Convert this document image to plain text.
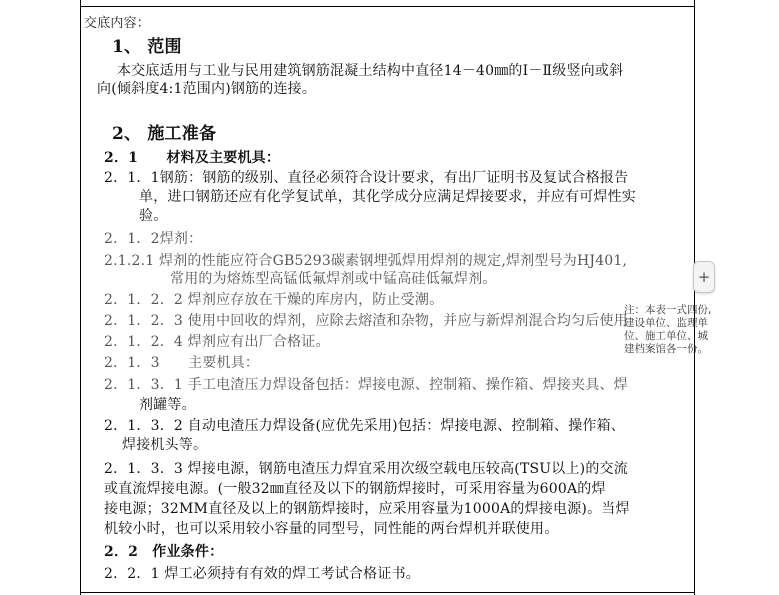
交底内容：
1、 范围
本交底适用与工业与民用建筑钢筋混凝土结构中直径14－40㎜的Ⅰ－Ⅱ级竖向或斜
向(倾斜度4:1范围内)钢筋的连接。
2、 施工准备
2．1　　材料及主要机具：
2．1．1钢筋：钢筋的级别、直径必须符合设计要求，有出厂证明书及复试合格报告
单，进口钢筋还应有化学复试单，其化学成分应满足焊接要求，并应有可焊性实
验。
2．1．2焊剂：
2.1.2.1 焊剂的性能应符合GB5293碳素钢埋弧焊用焊剂的规定,焊剂型号为HJ401,
常用的为熔炼型高锰低氟焊剂或中锰高硅低氟焊剂。
2．1．2．2 焊剂应存放在干燥的库房内，防止受潮。
2．1．2．3 使用中回收的焊剂，应除去熔渣和杂物，并应与新焊剂混合均匀后使用
2．1．2．4 焊剂应有出厂合格证。
2．1．3　　主要机具：
2．1．3．1 手工电渣压力焊设备包括：焊接电源、控制箱、操作箱、焊接夹具、焊
剂罐等。
2．1．3．2 自动电渣压力焊设备(应优先采用)包括：焊接电源、控制箱、操作箱、
焊接机头等。
2．1．3．3 焊接电源，钢筋电渣压力焊宜采用次级空载电压较高(TSU以上)的交流
或直流焊接电源。(一般32㎜直径及以下的钢筋焊接时，可采用容量为600A的焊
接电源；32MM直径及以上的钢筋焊接时，应采用容量为1000A的焊接电源)。当焊
机较小时，也可以采用较小容量的同型号，同性能的两台焊机并联使用。
2．2　作业条件：
2．2．1 焊工必须持有有效的焊工考试合格证书。
注：本表一式四份,建设单位、监理单位、施工单位、城建档案馆各一份。
+
